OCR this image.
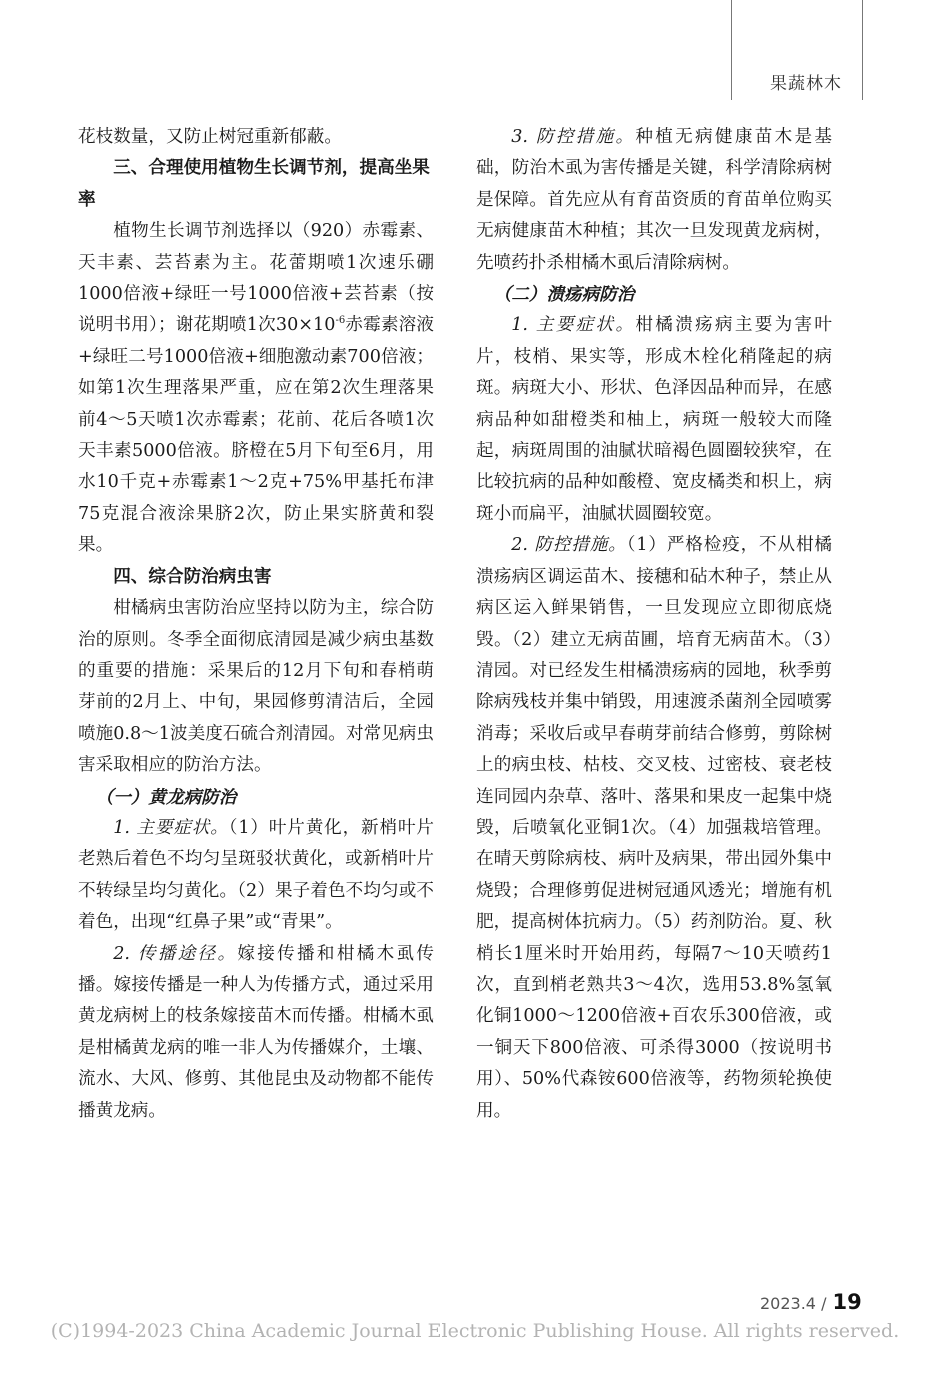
果蔬林木

花枝数量，又防止树冠重新郁蔽。

三、合理使用植物生长调节剂，提高坐果率

植物生长调节剂选择以（920）赤霉素、天丰素、芸苔素为主。花蕾期喷1次速乐硼1000倍液+绿旺一号1000倍液+芸苔素（按说明书用）；谢花期喷1次$30\times 10^{-6}$赤霉素溶液+绿旺二号1000倍液+细胞激动素700倍液；如第1次生理落果严重，应在第2次生理落果前4～5天喷1次赤霉素；花前、花后各喷1次天丰素5000倍液。脐橙在5月下旬至6月，用水10千克+赤霉素1～2克+75%甲基托布津75克混合液涂果脐2次，防止果实脐黄和裂果。

四、综合防治病虫害

柑橘病虫害防治应坚持以防为主，综合防治的原则。冬季全面彻底清园是减少病虫基数的重要的措施：采果后的12月下旬和春梢萌芽前的2月上、中旬，果园修剪清洁后，全园喷施0.8～1波美度石硫合剂清园。对常见病虫害采取相应的防治方法。

（一）黄龙病防治

1. 主要症状。（1）叶片黄化，新梢叶片老熟后着色不均匀呈斑驳状黄化，或新梢叶片不转绿呈均匀黄化。（2）果子着色不均匀或不着色，出现“红鼻子果”或“青果”。

2. 传播途径。嫁接传播和柑橘木虱传播。嫁接传播是一种人为传播方式，通过采用黄龙病树上的枝条嫁接苗木而传播。柑橘木虱是柑橘黄龙病的唯一非人为传播媒介，土壤、流水、大风、修剪、其他昆虫及动物都不能传播黄龙病。

3. 防控措施。种植无病健康苗木是基础，防治木虱为害传播是关键，科学清除病树是保障。首先应从有育苗资质的育苗单位购买无病健康苗木种植；其次一旦发现黄龙病树，先喷药扑杀柑橘木虱后清除病树。

（二）溃疡病防治

1. 主要症状。柑橘溃疡病主要为害叶片，枝梢、果实等，形成木栓化稍隆起的病斑。病斑大小、形状、色泽因品种而异，在感病品种如甜橙类和柚上，病斑一般较大而隆起，病斑周围的油腻状暗褐色圆圈较狭窄，在比较抗病的品种如酸橙、宽皮橘类和枳上，病斑小而扁平，油腻状圆圈较宽。

2. 防控措施。（1）严格检疫，不从柑橘溃疡病区调运苗木、接穗和砧木种子，禁止从病区运入鲜果销售，一旦发现应立即彻底烧毁。（2）建立无病苗圃，培育无病苗木。（3）清园。对已经发生柑橘溃疡病的园地，秋季剪除病残枝并集中销毁，用速渡杀菌剂全园喷雾消毒；采收后或早春萌芽前结合修剪，剪除树上的病虫枝、枯枝、交叉枝、过密枝、衰老枝连同园内杂草、落叶、落果和果皮一起集中烧毁，后喷氧化亚铜1次。（4）加强栽培管理。在晴天剪除病枝、病叶及病果，带出园外集中烧毁；合理修剪促进树冠通风透光；增施有机肥，提高树体抗病力。（5）药剂防治。夏、秋梢长1厘米时开始用药，每隔7～10天喷药1次，直到梢老熟共3～4次，选用53.8%氢氧化铜1000～1200倍液+百农乐300倍液，或一铜天下800倍液、可杀得3000（按说明书用）、50%代森铵600倍液等，药物须轮换使用。

2023.4 / 19
(C)1994-2023 China Academic Journal Electronic Publishing House. All rights reserved.
